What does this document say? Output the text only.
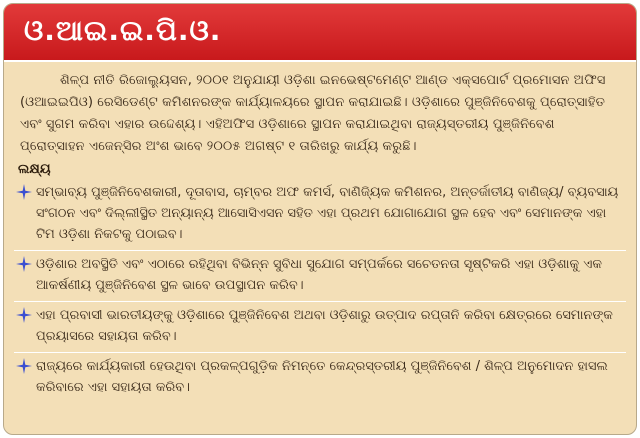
ଓ.ଆଇ.ଇ.ପି.ଓ.

ଶିଳ୍ପ ନୀତି ରିଜୋଲ୍ୟୁସନ, ୨୦୦୧ ଅନୁଯାୟୀ ଓଡ଼ିଶା ଇନଭେଷ୍ଟମେଣ୍ଟ ଆଣ୍ଡ ଏକ୍ସପୋର୍ଟ ପ୍ରମୋସନ ଅଫିସ (ଓଆଇଇପିଓ) ରେସିଡେଣ୍ଟ କମିଶନରଙ୍କ କାର୍ଯ୍ୟାଳୟରେ ସ୍ଥାପନ କରାଯାଇଛି। ଓଡ଼ିଶାରେ ପୁଞ୍ଜିନିବେଶକୁ ପ୍ରୋତ୍ସାହିତ ଏବଂ ସୁଗମ କରିବା ଏହାର ଉଦ୍ଦେଶ୍ୟ। ଏହିଅଫିସ ଓଡ଼ିଶାରେ ସ୍ଥାପନ କରାଯାଇଥିବା ରାଜ୍ୟସ୍ତରୀୟ ପୁଞ୍ଜିନିବେଶ ପ୍ରୋତ୍ସାହନ ଏଜେନ୍ସିର ଅଂଶ ଭାବେ ୨୦୦୫ ଅଗଷ୍ଟ ୧ ତାରିଖରୁ କାର୍ଯ୍ୟ କରୁଛି।

ଲକ୍ଷ୍ୟ
ସମ୍ଭାବ୍ୟ ପୁଞ୍ଜିନିବେଶକାରୀ, ଦୂତାବାସ, ଚାମ୍ବର ଅଫ କମର୍ସ, ବାଣିଜ୍ୟିକ କମିଶନର, ଅନ୍ତର୍ଜାତୀୟ ବାଣିଜ୍ୟ/ ବ୍ୟବସାୟ ସଂଗଠନ ଏବଂ ଦିଲ୍ଲୀସ୍ଥିତ ଅନ୍ୟାନ୍ୟ ଆସୋସିଏସନ ସହିତ ଏହା ପ୍ରଥମ ଯୋଗାଯୋଗ ସ୍ଥଳ ହେବ ଏବଂ ସେମାନଙ୍କ ଏହା ଟିମ ଓଡ଼ିଶା ନିକଟକୁ ପଠାଇବ।
ଓଡ଼ିଶାର ଅବସ୍ଥିତି ଏବଂ ଏଠାରେ ରହିଥିବା ବିଭିନ୍ନ ସୁବିଧା ସୁଯୋଗ ସମ୍ପର୍କରେ ସଚେତନତା ସୃଷ୍ଟିକରି ଏହା ଓଡ଼ିଶାକୁ ଏକ ଆକର୍ଷଣୀୟ ପୁଞ୍ଜିନିବେଶ ସ୍ଥଳ ଭାବେ ଉପସ୍ଥାପନ କରିବ।
ଏହା ପ୍ରବାସୀ ଭାରତୀୟଙ୍କୁ ଓଡ଼ିଶାରେ ପୁଞ୍ଜିନିବେଶ ଅଥବା ଓଡ଼ିଶାରୁ ଉତ୍ପାଦ ରପ୍ତାନି କରିବା କ୍ଷେତ୍ରରେ ସେମାନଙ୍କ ପ୍ରୟାସରେ ସହାୟତା କରିବ।
ରାଜ୍ୟରେ କାର୍ଯ୍ୟକାରୀ ହେଉଥିବା ପ୍ରକଳ୍ପଗୁଡ଼ିକ ନିମନ୍ତେ କେନ୍ଦ୍ରସ୍ତରୀୟ ପୁଞ୍ଜିନିବେଶ / ଶିଳ୍ପ ଅନୁମୋଦନ ହାସଲ କରିବାରେ ଏହା ସହାୟତା କରିବ।
